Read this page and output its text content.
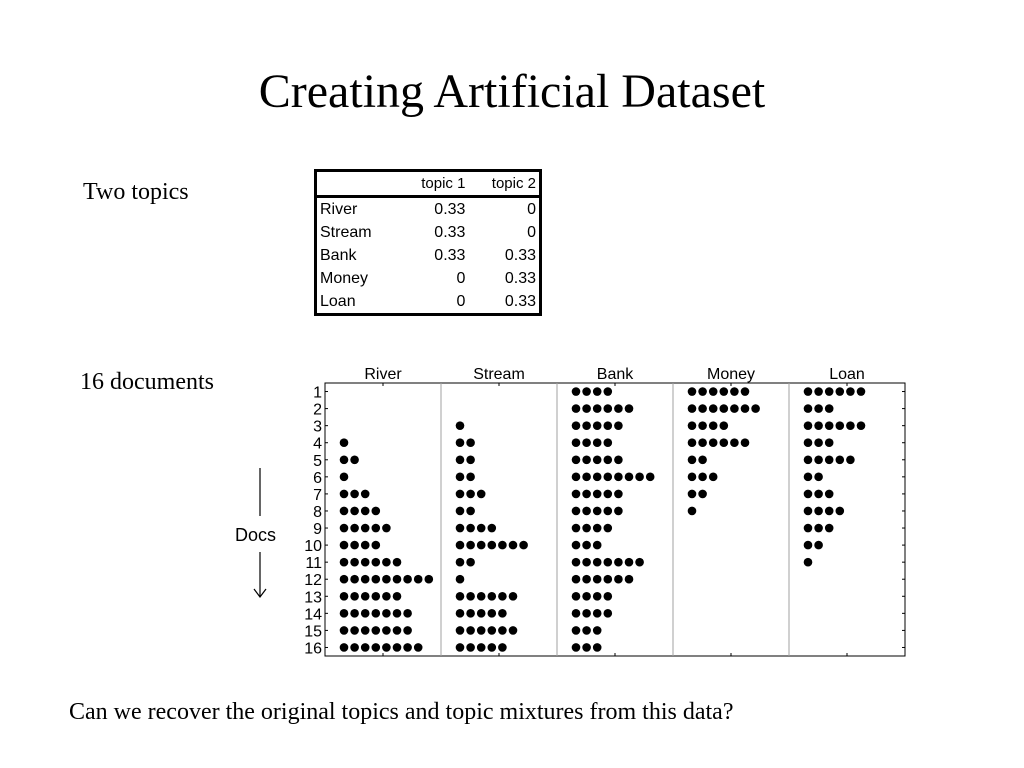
Creating Artificial Dataset
Two topics
16 documents
	topic 1	topic 2
River	0.33	0
Stream	0.33	0
Bank	0.33	0.33
Money	0	0.33
Loan	0	0.33
Docs
River	Stream	Bank	Money	Loan
1
2
3
4
5
6
7
8
9
10
11
12
13
14
15
16
Can we recover the original topics and topic mixtures from this data?
